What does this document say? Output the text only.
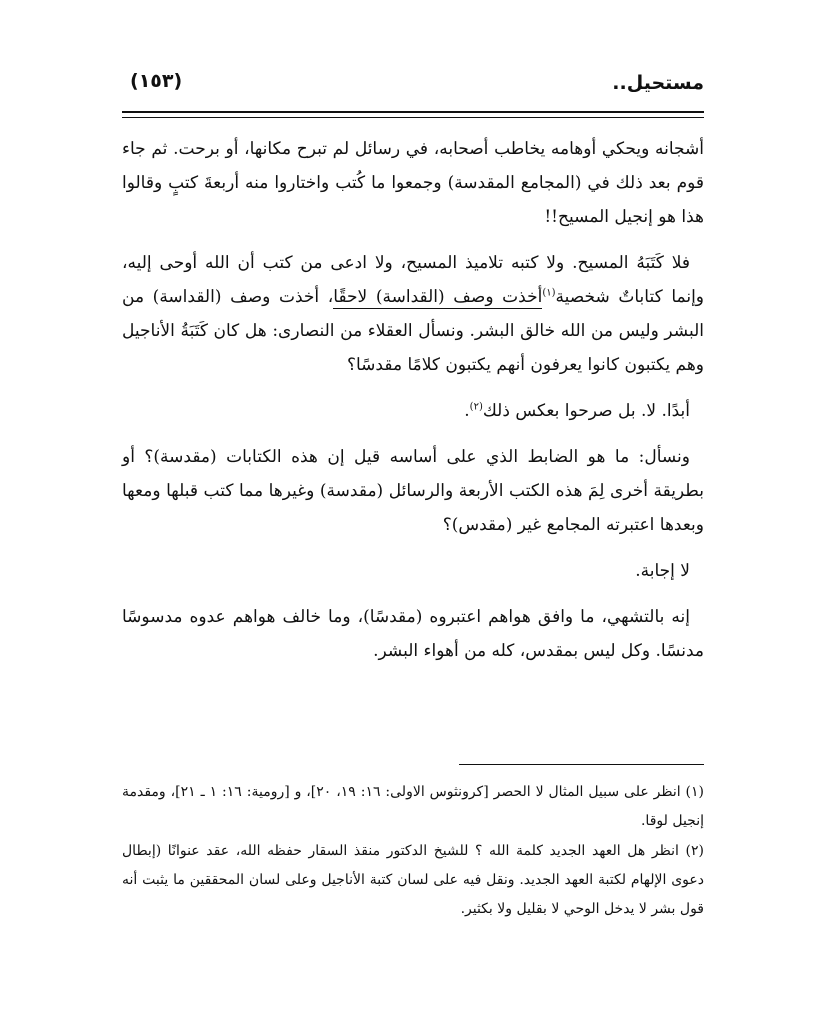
مستحيل..
(١٥٣)

أشجانه ويحكي أوهامه يخاطب أصحابه، في رسائل لم تبرح مكانها، أو برحت. ثم جاء قوم بعد ذلك في (المجامع المقدسة) وجمعوا ما كُتب واختاروا منه أربعةَ كتبٍ وقالوا هذا هو إنجيل المسيح!!

فلا كَتَبَهُ المسيح. ولا كتبه تلاميذ المسيح، ولا ادعى من كتب أن الله أوحى إليه، وإنما كتاباتٌ شخصية$^{(١)}$أخذت وصف (القداسة) لاحقًا، أخذت وصف (القداسة) من البشر وليس من الله خالق البشر. ونسأل العقلاء من النصارى: هل كان كَتَبَةُ الأناجيل وهم يكتبون كانوا يعرفون أنهم يكتبون كلامًا مقدسًا؟

أبدًا. لا. بل صرحوا بعكس ذلك$^{(٢)}$.

ونسأل: ما هو الضابط الذي على أساسه قيل إن هذه الكتابات (مقدسة)؟ أو بطريقة أخرى لِمَ هذه الكتب الأربعة والرسائل (مقدسة) وغيرها مما كتب قبلها ومعها وبعدها اعتبرته المجامع غير (مقدس)؟

لا إجابة.

إنه بالتشهي، ما وافق هواهم اعتبروه (مقدسًا)، وما خالف هواهم عدوه مدسوسًا مدنسًا. وكل ليس بمقدس، كله من أهواء البشر.

(١) انظر على سبيل المثال لا الحصر [كرونثوس الاولى: ١٦: ١٩، ٢٠]، و [رومية: ١٦: ١ ـ ٢١]، ومقدمة إنجيل لوقا.

(٢) انظر هل العهد الجديد كلمة الله ؟ للشيخ الدكتور منقذ السقار حفظه الله، عقد عنوانًا (إبطال دعوى الإلهام لكتبة العهد الجديد. ونقل فيه على لسان كتبة الأناجيل وعلى لسان المحققين ما يثبت أنه قول بشر لا يدخل الوحي لا بقليل ولا بكثير.
